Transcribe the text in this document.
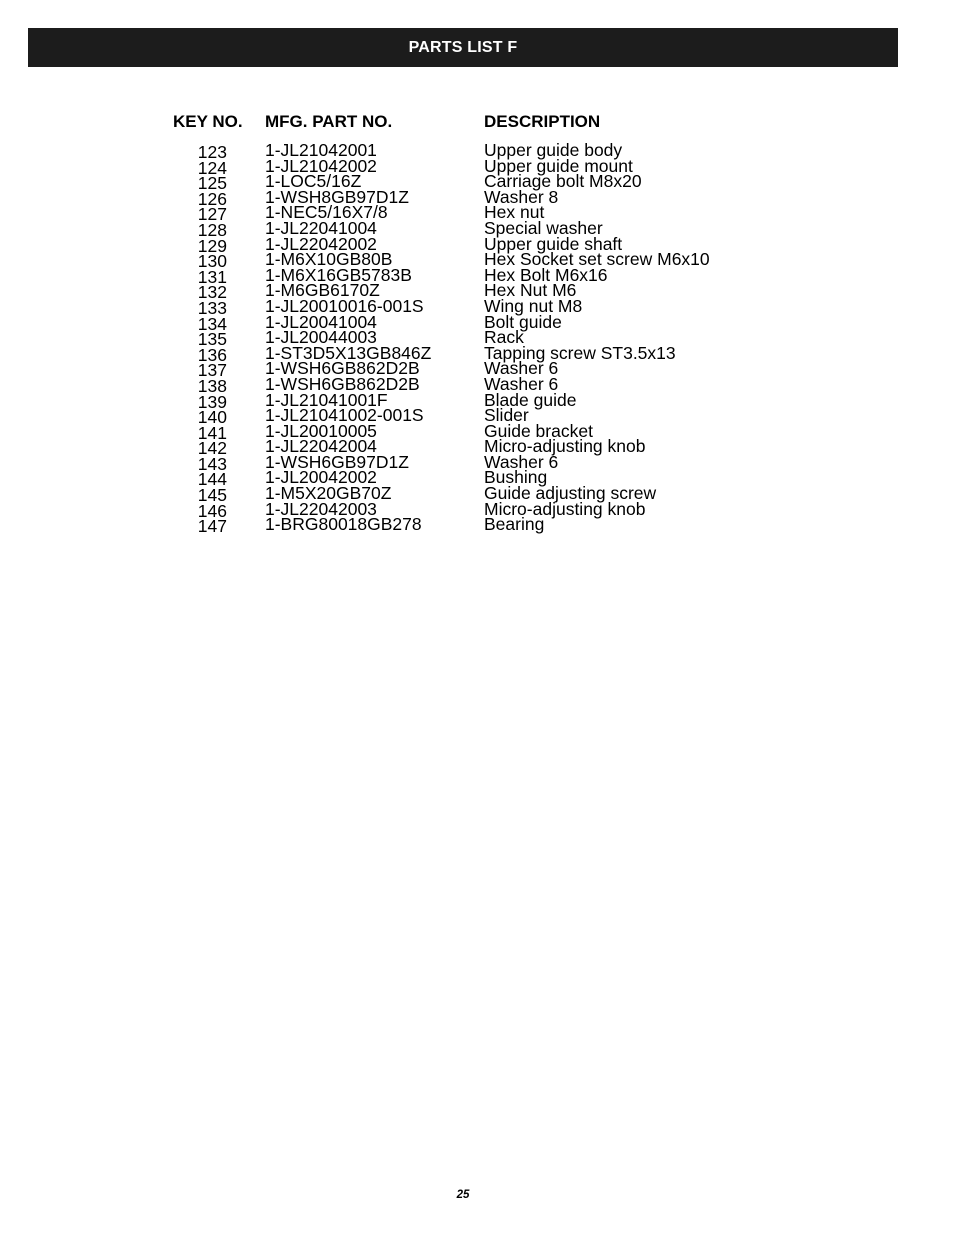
PARTS LIST F
KEY NO. MFG. PART NO.	DESCRIPTION
123 1-JL21042001	Upper guide body
124 1-JL21042002	Upper guide mount
125 1-LOC5/16Z	Carriage bolt M8x20
126 1-WSH8GB97D1Z	Washer 8
127 1-NEC5/16X7/8	Hex nut
128 1-JL22041004	Special washer
129 1-JL22042002	Upper guide shaft
130 1-M6X10GB80B	Hex Socket set screw M6x10
131 1-M6X16GB5783B	Hex Bolt M6x16
132 1-M6GB6170Z	Hex Nut M6
133 1-JL20010016-001S	Wing nut M8
134 1-JL20041004	Bolt guide
135 1-JL20044003	Rack
136 1-ST3D5X13GB846Z	Tapping screw ST3.5x13
137 1-WSH6GB862D2B	Washer 6
138 1-WSH6GB862D2B	Washer 6
139 1-JL21041001F	Blade guide
140 1-JL21041002-001S	Slider
141 1-JL20010005	Guide bracket
142 1-JL22042004	Micro-adjusting knob
143 1-WSH6GB97D1Z	Washer 6
144 1-JL20042002	Bushing
145 1-M5X20GB70Z	Guide adjusting screw
146 1-JL22042003	Micro-adjusting knob
147 1-BRG80018GB278	Bearing
25
